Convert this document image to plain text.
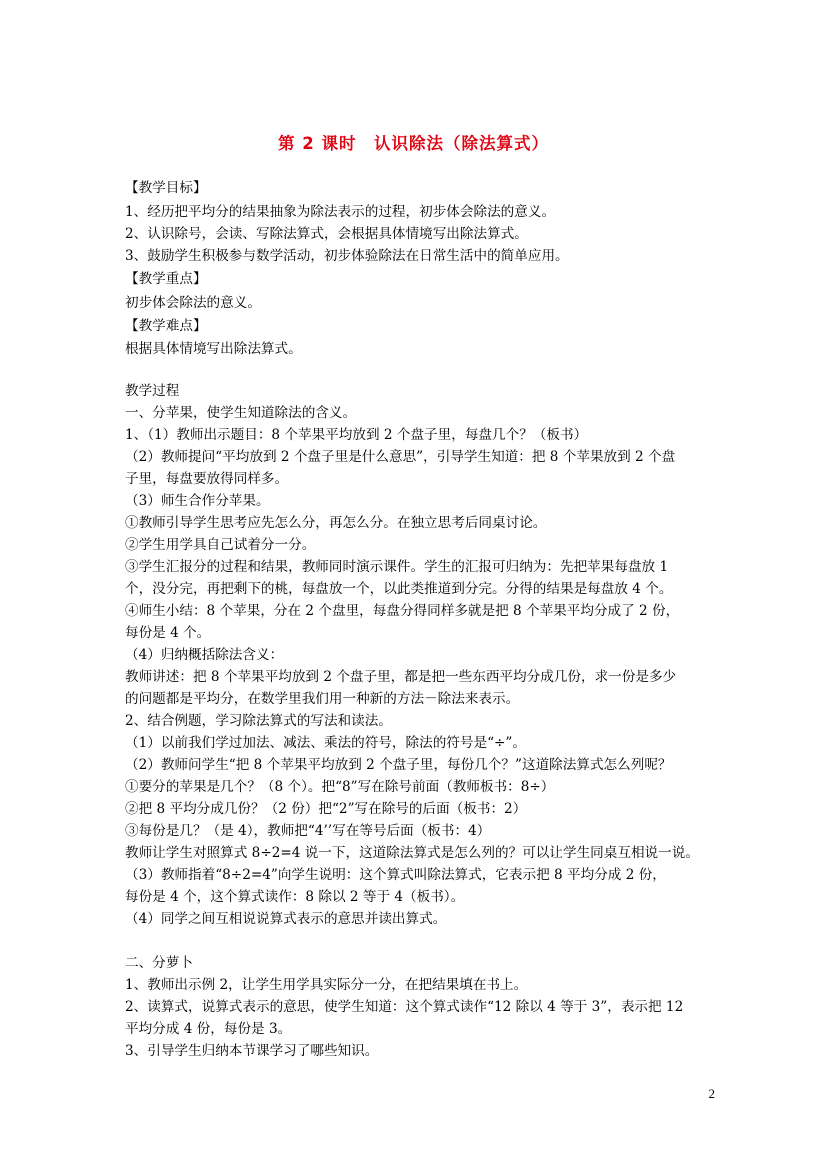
第 2 课时　认识除法（除法算式）
【教学目标】
1、经历把平均分的结果抽象为除法表示的过程，初步体会除法的意义。
2、认识除号，会读、写除法算式，会根据具体情境写出除法算式。
3、鼓励学生积极参与数学活动，初步体验除法在日常生活中的简单应用。
【教学重点】
初步体会除法的意义。
【教学难点】
根据具体情境写出除法算式。
教学过程
一、分苹果，使学生知道除法的含义。
1、（1）教师出示题目：8 个苹果平均放到 2 个盘子里，每盘几个？（板书）
（2）教师提问“平均放到 2 个盘子里是什么意思”，引导学生知道：把 8 个苹果放到 2 个盘
子里，每盘要放得同样多。
（3）师生合作分苹果。
①教师引导学生思考应先怎么分，再怎么分。在独立思考后同桌讨论。
②学生用学具自己试着分一分。
③学生汇报分的过程和结果，教师同时演示课件。学生的汇报可归纳为：先把苹果每盘放 1
个，没分完，再把剩下的桃，每盘放一个，以此类推道到分完。分得的结果是每盘放 4 个。
④师生小结：8 个苹果，分在 2 个盘里，每盘分得同样多就是把 8 个苹果平均分成了 2 份，
每份是 4 个。
（4）归纳概括除法含义：
教师讲述：把 8 个苹果平均放到 2 个盘子里，都是把一些东西平均分成几份，求一份是多少
的问题都是平均分，在数学里我们用一种新的方法－除法来表示。
2、结合例题，学习除法算式的写法和读法。
（1）以前我们学过加法、减法、乘法的符号，除法的符号是“÷”。
（2）教师问学生“把 8 个苹果平均放到 2 个盘子里，每份几个？”这道除法算式怎么列呢？
①要分的苹果是几个？（8 个）。把“8”写在除号前面（教师板书：8÷）
②把 8 平均分成几份？（2 份）把“2”写在除号的后面（板书：2）
③每份是几？（是 4），教师把“4’’写在等号后面（板书：4）
教师让学生对照算式 8÷2=4 说一下，这道除法算式是怎么列的？可以让学生同桌互相说一说。
（3）教师指着“8÷2=4”向学生说明：这个算式叫除法算式，它表示把 8 平均分成 2 份，
每份是 4 个，这个算式读作：8 除以 2 等于 4（板书）。
（4）同学之间互相说说算式表示的意思并读出算式。
二、分萝卜
1、教师出示例 2，让学生用学具实际分一分，在把结果填在书上。
2、读算式，说算式表示的意思，使学生知道：这个算式读作“12 除以 4 等于 3”，表示把 12
平均分成 4 份，每份是 3。
3、引导学生归纳本节课学习了哪些知识。
2
